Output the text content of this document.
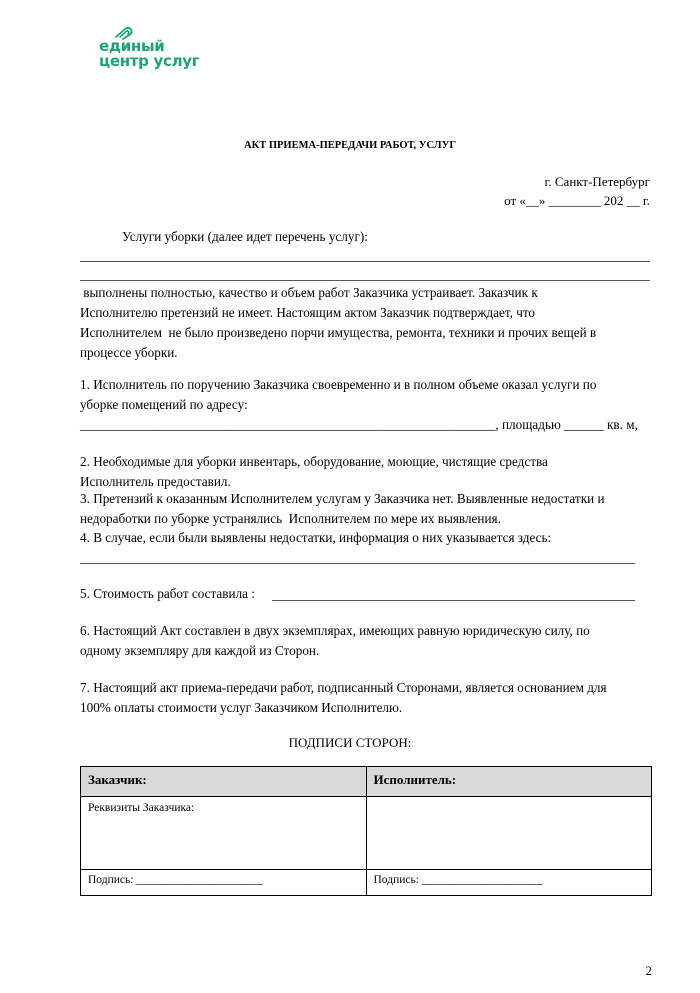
единый
центр услуг
АКТ ПРИЕМА-ПЕРЕДАЧИ РАБОТ, УСЛУГ
г. Санкт-Петербург
от «__» ________ 202 __ г.
Услуги уборки (далее идет перечень услуг):
выполнены полностью, качество и объем работ Заказчика устраивает. Заказчик к
Исполнителю претензий не имеет. Настоящим актом Заказчик подтверждает, что
Исполнителем  не было произведено порчи имущества, ремонта, техники и прочих вещей в
процессе уборки.
1. Исполнитель по поручению Заказчика своевременно и в полном объеме оказал услуги по
уборке помещений по адресу:
_______________________________________________________________, площадью ______ кв. м,
2. Необходимые для уборки инвентарь, оборудование, моющие, чистящие средства
Исполнитель предоставил.
3. Претензий к оказанным Исполнителем услугам у Заказчика нет. Выявленные недостатки и
недоработки по уборке устранялись  Исполнителем по мере их выявления.
4. В случае, если были выявлены недостатки, информация о них указывается здесь:
5. Стоимость работ составила :
6. Настоящий Акт составлен в двух экземплярах, имеющих равную юридическую силу, по
одному экземпляру для каждой из Сторон.
7. Настоящий акт приема-передачи работ, подписанный Сторонами, является основанием для
100% оплаты стоимости услуг Заказчиком Исполнителю.
ПОДПИСИ СТОРОН:
Заказчик:	Исполнитель:
Реквизиты Заказчика:	
Подпись: ______________________	Подпись: _____________________
2
